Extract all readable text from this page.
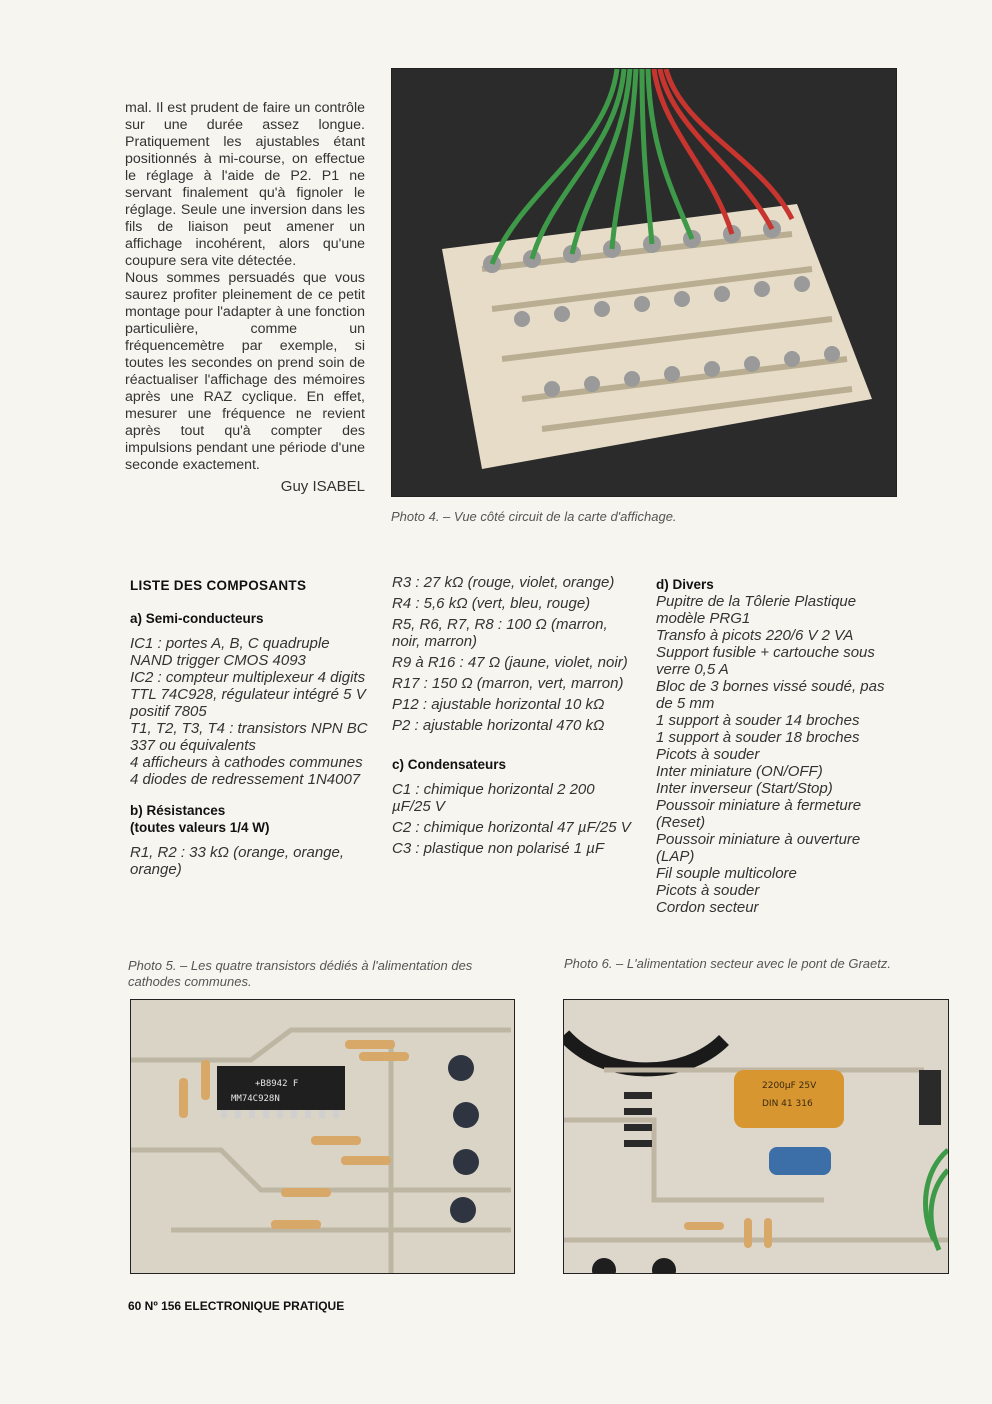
mal. Il est prudent de faire un contrôle sur une durée assez longue. Pratiquement les ajustables étant positionnés à mi-course, on effectue le réglage à l'aide de P2. P1 ne servant finalement qu'à fignoler le réglage. Seule une inversion dans les fils de liaison peut amener un affichage incohérent, alors qu'une coupure sera vite détectée.

Nous sommes persuadés que vous saurez profiter pleinement de ce petit montage pour l'adapter à une fonction particulière, comme un fréquencemètre par exemple, si toutes les secondes on prend soin de réactualiser l'affichage des mémoires après une RAZ cyclique. En effet, mesurer une fréquence ne revient après tout qu'à compter des impulsions pendant une période d'une seconde exactement.

Guy ISABEL
Photo 4. – Vue côté circuit de la carte d'affichage.
LISTE DES COMPOSANTS
a) Semi-conducteurs
IC1 : portes A, B, C quadruple NAND trigger CMOS 4093
IC2 : compteur multiplexeur 4 digits TTL 74C928, régulateur intégré 5 V positif 7805
T1, T2, T3, T4 : transistors NPN BC 337 ou équivalents
4 afficheurs à cathodes communes
4 diodes de redressement 1N4007
b) Résistances
(toutes valeurs 1/4 W)
R1, R2 : 33 kΩ (orange, orange, orange)
R3 : 27 kΩ (rouge, violet, orange)
R4 : 5,6 kΩ (vert, bleu, rouge)
R5, R6, R7, R8 : 100 Ω (marron, noir, marron)
R9 à R16 : 47 Ω (jaune, violet, noir)
R17 : 150 Ω (marron, vert, marron)
P12 : ajustable horizontal 10 kΩ
P2 : ajustable horizontal 470 kΩ
c) Condensateurs
C1 : chimique horizontal 2 200 µF/25 V
C2 : chimique horizontal 47 µF/25 V
C3 : plastique non polarisé 1 µF
d) Divers
Pupitre de la Tôlerie Plastique modèle PRG1
Transfo à picots 220/6 V 2 VA
Support fusible + cartouche sous verre 0,5 A
Bloc de 3 bornes vissé soudé, pas de 5 mm
1 support à souder 14 broches
1 support à souder 18 broches
Picots à souder
Inter miniature (ON/OFF)
Inter inverseur (Start/Stop)
Poussoir miniature à fermeture (Reset)
Poussoir miniature à ouverture (LAP)
Fil souple multicolore
Picots à souder
Cordon secteur
Photo 5. – Les quatre transistors dédiés à l'alimentation des cathodes communes.
+B8942 F
MM74C928N
Photo 6. – L'alimentation secteur avec le pont de Graetz.
2200µF 25V
DIN 41 316
60 Nº 156 ELECTRONIQUE PRATIQUE
